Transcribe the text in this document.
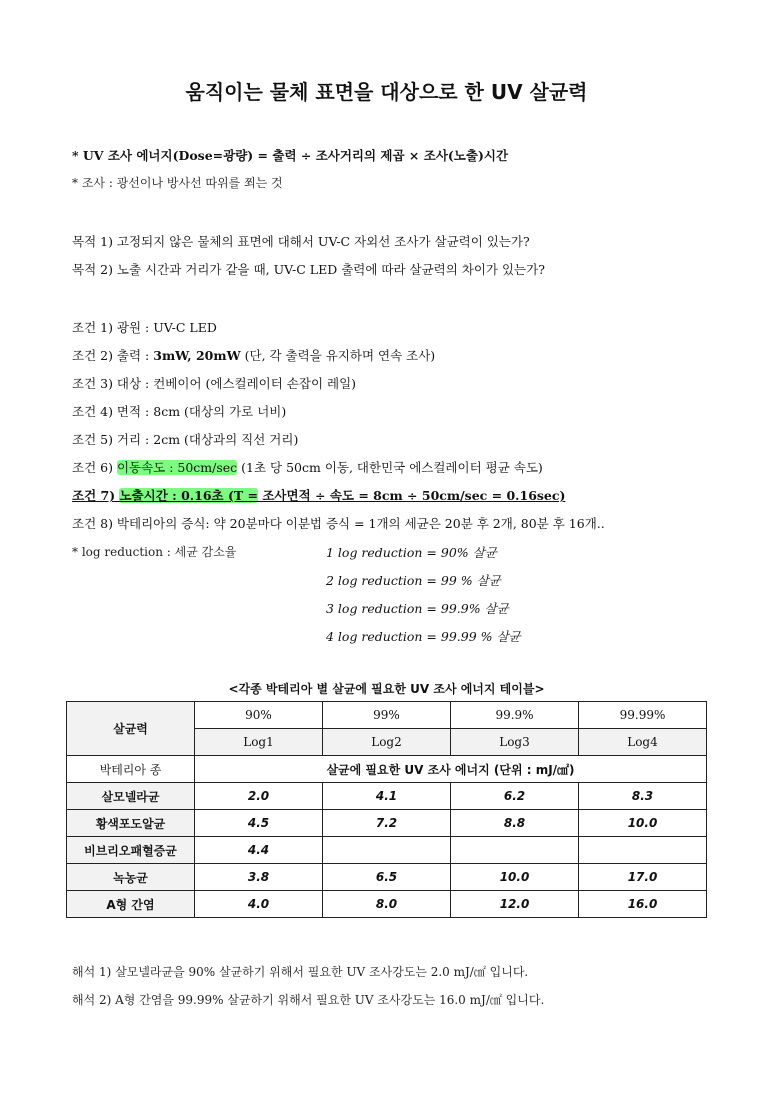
움직이는 물체 표면을 대상으로 한 UV 살균력
* UV 조사 에너지(Dose=광량) = 출력 ÷ 조사거리의 제곱 × 조사(노출)시간
* 조사 : 광선이나 방사선 따위를 쬐는 것
목적 1) 고정되지 않은 물체의 표면에 대해서 UV-C 자외선 조사가 살균력이 있는가?
목적 2) 노출 시간과 거리가 같을 때, UV-C LED 출력에 따라 살균력의 차이가 있는가?
조건 1) 광원 : UV-C LED
조건 2) 출력 : 3mW, 20mW (단, 각 출력을 유지하며 연속 조사)
조건 3) 대상 : 컨베이어 (에스컬레이터 손잡이 레일)
조건 4) 면적 : 8cm (대상의 가로 너비)
조건 5) 거리 : 2cm (대상과의 직선 거리)
조건 6) 이동속도 : 50cm/sec (1초 당 50cm 이동, 대한민국 에스컬레이터 평균 속도)
조건 7) 노출시간 : 0.16초 (T = 조사면적 ÷ 속도 = 8cm ÷ 50cm/sec = 0.16sec)
조건 8) 박테리아의 증식: 약 20분마다 이분법 증식 = 1개의 세균은 20분 후 2개, 80분 후 16개..
* log reduction : 세균 감소율	1 log reduction = 90% 살균
2 log reduction = 99 % 살균
3 log reduction = 99.9% 살균
4 log reduction = 99.99 % 살균
<각종 박테리아 별 살균에 필요한 UV 조사 에너지 테이블>
살균력	90%	99%	99.9%	99.99%
	Log1	Log2	Log3	Log4
박테리아 종	살균에 필요한 UV 조사 에너지 (단위 : mJ/㎠)			
살모넬라균	2.0	4.1	6.2	8.3
황색포도알균	4.5	7.2	8.8	10.0
비브리오패혈증균	4.4			
녹농균	3.8	6.5	10.0	17.0
A형 간염	4.0	8.0	12.0	16.0
해석 1) 살모넬라균을 90% 살균하기 위해서 필요한 UV 조사강도는 2.0 mJ/㎠ 입니다.
해석 2) A형 간염을 99.99% 살균하기 위해서 필요한 UV 조사강도는 16.0 mJ/㎠ 입니다.
